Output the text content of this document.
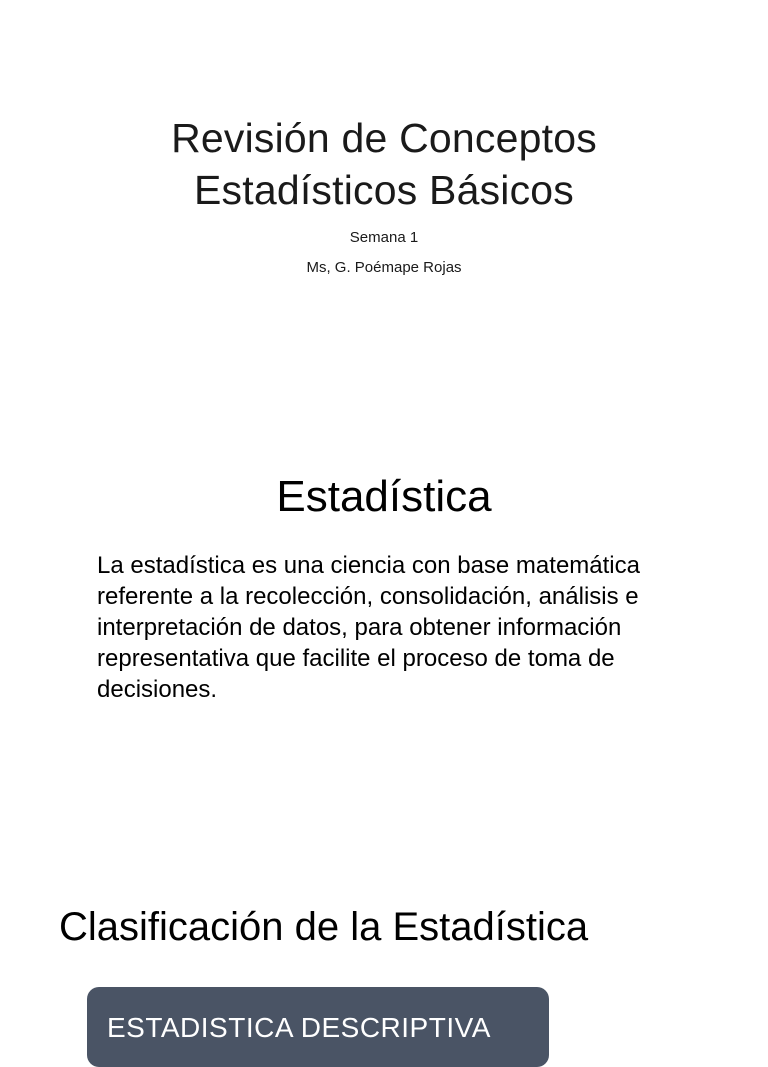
Revisión de Conceptos
Estadísticos Básicos
Semana 1
Ms, G. Poémape Rojas
Estadística
La estadística es una ciencia con base matemática referente a la recolección, consolidación, análisis e interpretación de datos, para obtener información representativa que facilite el proceso de toma de decisiones.
Clasificación de la Estadística
ESTADISTICA DESCRIPTIVA
